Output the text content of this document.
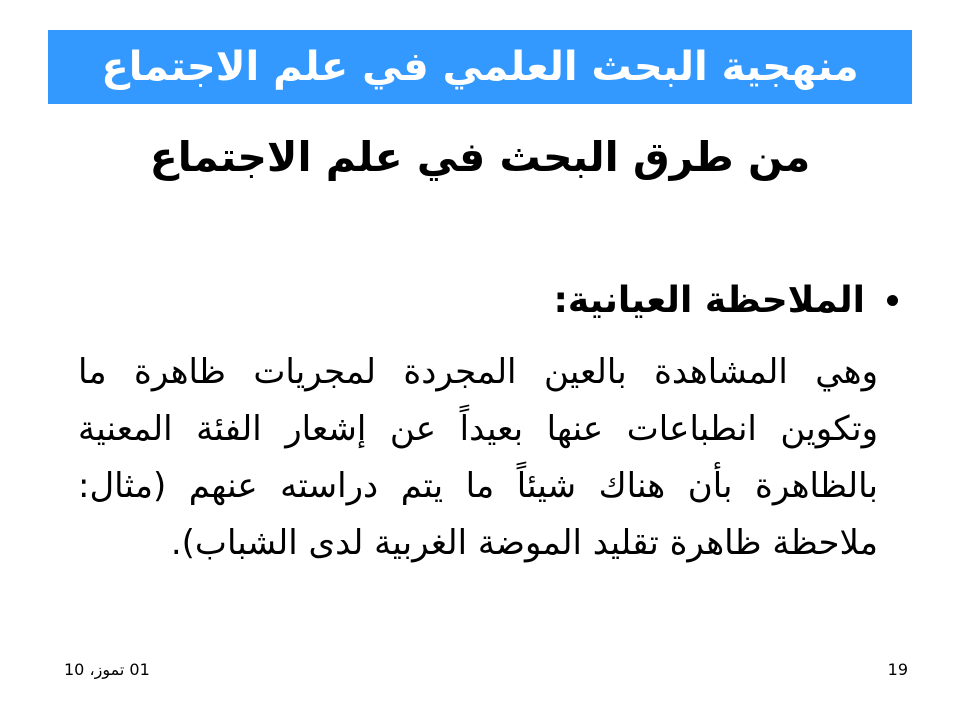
منهجية البحث العلمي في علم الاجتماع
من طرق البحث في علم الاجتماع
الملاحظة العيانية:
وهي المشاهدة بالعين المجردة لمجريات ظاهرة ما وتكوين انطباعات عنها بعيداً عن إشعار الفئة المعنية بالظاهرة بأن هناك شيئاً ما يتم دراسته عنهم (مثال: ملاحظة ظاهرة تقليد الموضة الغربية لدى الشباب).
01 تموز، 10	19
